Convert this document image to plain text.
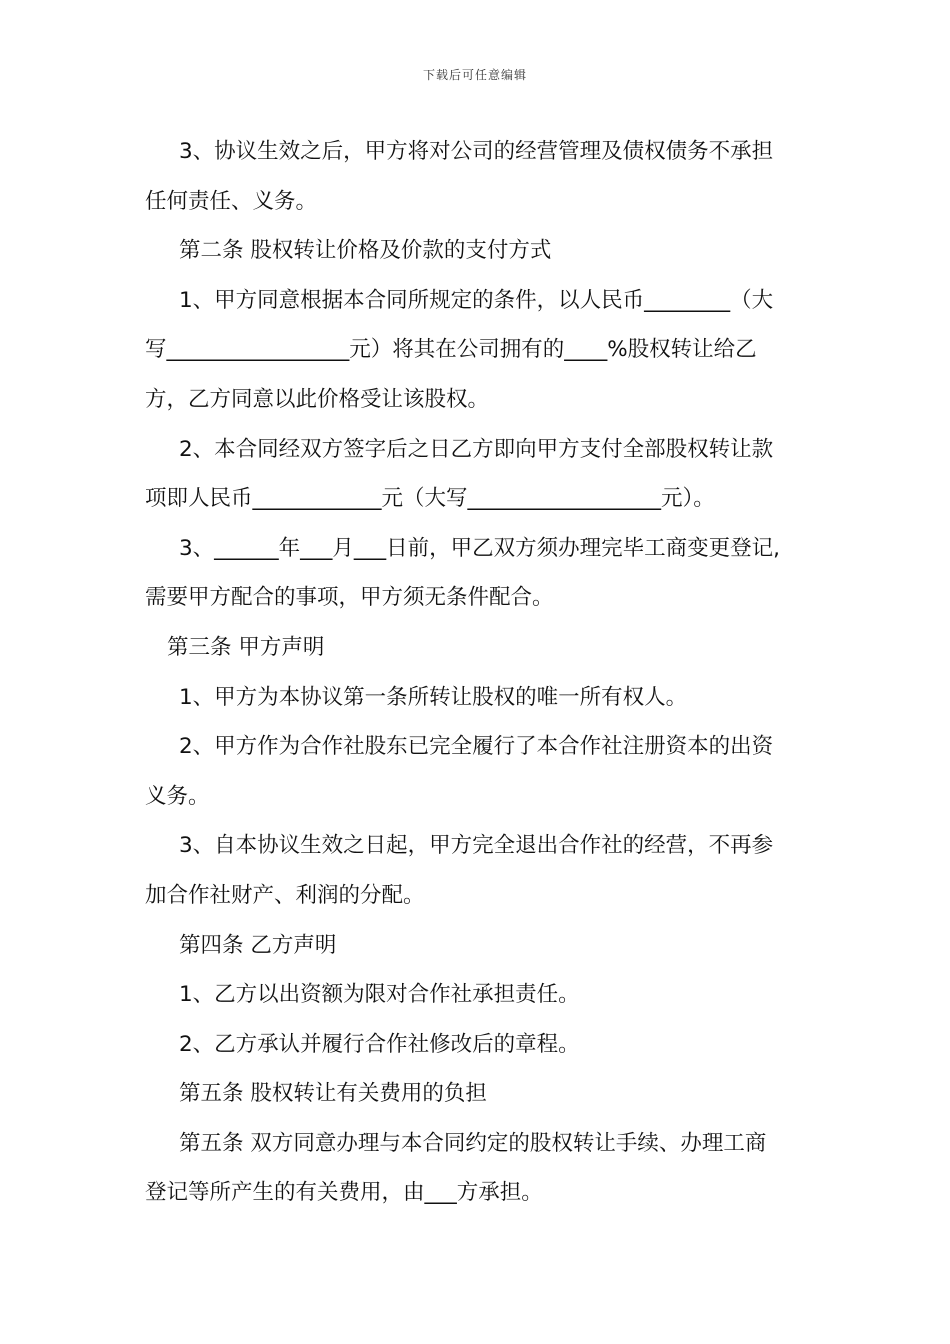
下载后可任意编辑

3、协议生效之后，甲方将对公司的经营管理及债权债务不承担

任何责任、义务。

第二条 股权转让价格及价款的支付方式

1、甲方同意根据本合同所规定的条件，以人民币________（大

写_________________元）将其在公司拥有的____%股权转让给乙

方，乙方同意以此价格受让该股权。

2、本合同经双方签字后之日乙方即向甲方支付全部股权转让款

项即人民币____________元（大写__________________元）。

3、______年___月___日前，甲乙双方须办理完毕工商变更登记,

需要甲方配合的事项，甲方须无条件配合。

第三条 甲方声明

1、甲方为本协议第一条所转让股权的唯一所有权人。

2、甲方作为合作社股东已完全履行了本合作社注册资本的出资

义务。

3、自本协议生效之日起，甲方完全退出合作社的经营，不再参

加合作社财产、利润的分配。

第四条 乙方声明

1、乙方以出资额为限对合作社承担责任。

2、乙方承认并履行合作社修改后的章程。

第五条 股权转让有关费用的负担

第五条 双方同意办理与本合同约定的股权转让手续、办理工商

登记等所产生的有关费用，由___方承担。
